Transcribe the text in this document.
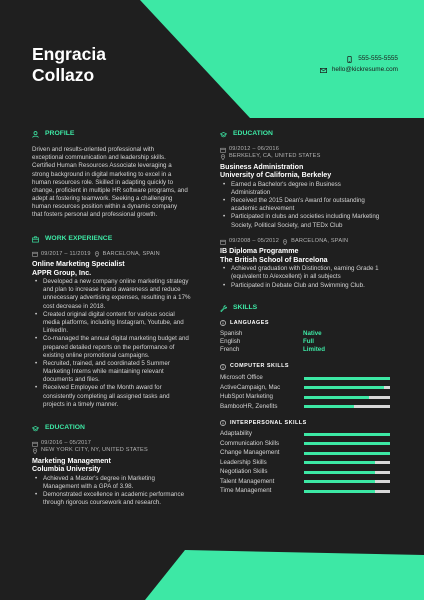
Engracia
Collazo
555-555-5555
hello@kickresume.com
PROFILE
Driven and results-oriented professional with
exceptional communication and leadership skills.
Certified Human Resources Associate leveraging a
strong background in digital marketing to excel in a
human resources role. Skilled in adapting quickly to
change, proficient in multiple HR software programs, and
adept at fostering teamwork. Seeking a challenging
human resources position within a dynamic company
that fosters personal and professional growth.
WORK EXPERIENCE
09/2017 – 11/2019 BARCELONA, SPAIN
Online Marketing Specialist
APPR Group, Inc.
• Developed a new company online marketing strategy
and plan to increase brand awareness and reduce
unnecessary advertising expenses, resulting in a 17%
cost decrease in 2018.
• Created original digital content for various social
media platforms, including Instagram, Youtube, and
LinkedIn.
• Co-managed the annual digital marketing budget and
prepared detailed reports on the performance of
existing online promotional campaigns.
• Recruited, trained, and coordinated 5 Summer
Marketing Interns while maintaining relevant
documents and files.
• Received Employee of the Month award for
consistently completing all assigned tasks and
projects in a timely manner.
EDUCATION
09/2016 – 05/2017
NEW YORK CITY, NY, UNITED STATES
Marketing Management
Columbia University
• Achieved a Master's degree in Marketing
Management with a GPA of 3.98.
• Demonstrated excellence in academic performance
through rigorous coursework and research.
EDUCATION
09/2012 – 06/2016
BERKELEY, CA, UNITED STATES
Business Administration
University of California, Berkeley
• Earned a Bachelor's degree in Business
Administration
• Received the 2015 Dean's Award for outstanding
academic achievement
• Participated in clubs and societies including Marketing
Society, Political Society, and TEDx Club
09/2008 – 05/2012 BARCELONA, SPAIN
IB Diploma Programme
The British School of Barcelona
• Achieved graduation with Distinction, earning Grade 1
(equivalent to A/excellent) in all subjects
• Participated in Debate Club and Swimming Club.
SKILLS
LANGUAGES
Spanish	Native
English	Full
French	Limited
COMPUTER SKILLS
Microsoft Office
ActiveCampaign, Mac
HubSpot Marketing
BambooHR, Zenefits
INTERPERSONAL SKILLS
Adaptability
Communication Skills
Change Management
Leadership Skills
Negotiation Skills
Talent Management
Time Management
